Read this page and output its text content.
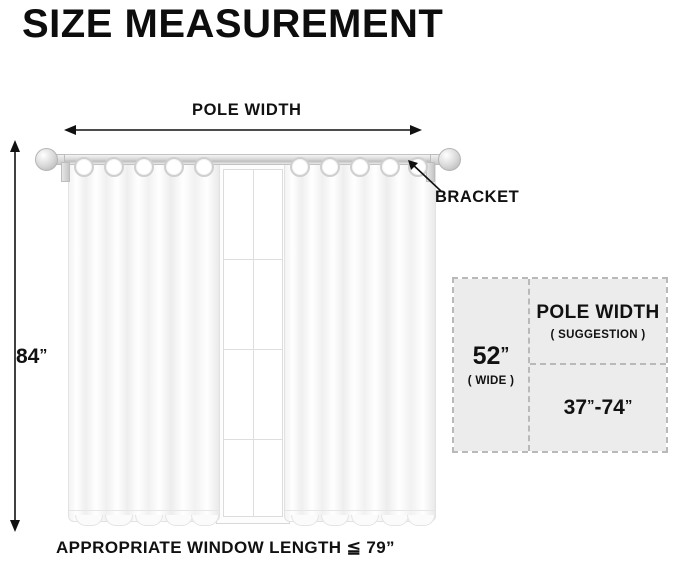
SIZE MEASUREMENT
POLE WIDTH
84”
BRACKET
APPROPRIATE WINDOW LENGTH ≦ 79”
52”
( WIDE )
POLE WIDTH
( SUGGESTION )
37”-74”
